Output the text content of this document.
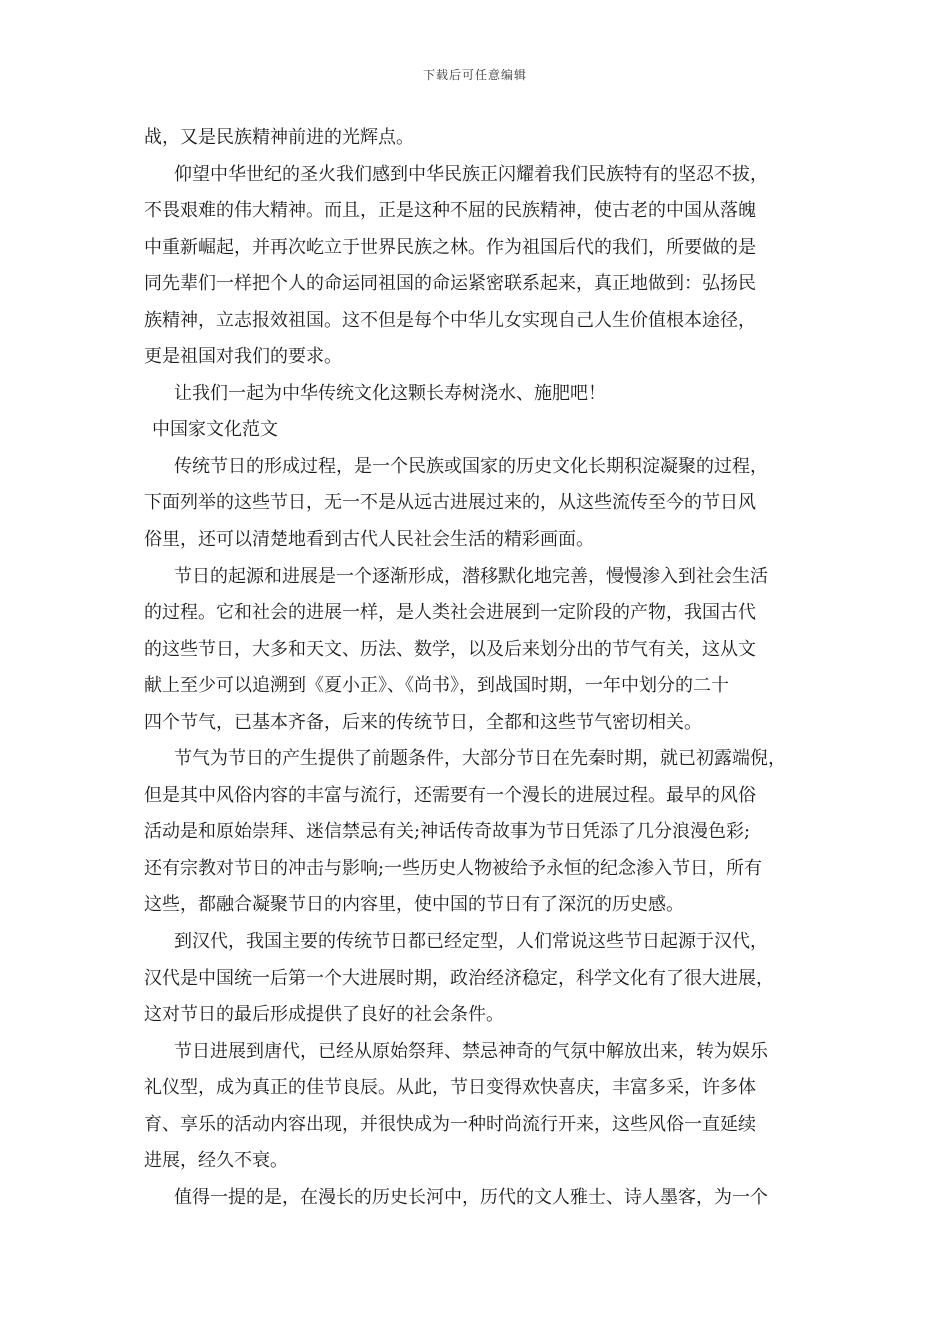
下载后可任意编辑
战，又是民族精神前进的光辉点。
仰望中华世纪的圣火我们感到中华民族正闪耀着我们民族特有的坚忍不拔，
不畏艰难的伟大精神。而且，正是这种不屈的民族精神，使古老的中国从落魄
中重新崛起，并再次屹立于世界民族之林。作为祖国后代的我们，所要做的是
同先辈们一样把个人的命运同祖国的命运紧密联系起来，真正地做到：弘扬民
族精神，立志报效祖国。这不但是每个中华儿女实现自己人生价值根本途径，
更是祖国对我们的要求。
让我们一起为中华传统文化这颗长寿树浇水、施肥吧！
中国家文化范文
传统节日的形成过程，是一个民族或国家的历史文化长期积淀凝聚的过程，
下面列举的这些节日，无一不是从远古进展过来的，从这些流传至今的节日风
俗里，还可以清楚地看到古代人民社会生活的精彩画面。
节日的起源和进展是一个逐渐形成，潜移默化地完善，慢慢渗入到社会生活
的过程。它和社会的进展一样，是人类社会进展到一定阶段的产物，我国古代
的这些节日，大多和天文、历法、数学，以及后来划分出的节气有关，这从文
献上至少可以追溯到《夏小正》、《尚书》，到战国时期，一年中划分的二十
四个节气，已基本齐备，后来的传统节日，全都和这些节气密切相关。
节气为节日的产生提供了前题条件，大部分节日在先秦时期，就已初露端倪，
但是其中风俗内容的丰富与流行，还需要有一个漫长的进展过程。最早的风俗
活动是和原始崇拜、迷信禁忌有关;神话传奇故事为节日凭添了几分浪漫色彩;
还有宗教对节日的冲击与影响;一些历史人物被给予永恒的纪念渗入节日，所有
这些，都融合凝聚节日的内容里，使中国的节日有了深沉的历史感。
到汉代，我国主要的传统节日都已经定型，人们常说这些节日起源于汉代，
汉代是中国统一后第一个大进展时期，政治经济稳定，科学文化有了很大进展，
这对节日的最后形成提供了良好的社会条件。
节日进展到唐代，已经从原始祭拜、禁忌神奇的气氛中解放出来，转为娱乐
礼仪型，成为真正的佳节良辰。从此，节日变得欢快喜庆，丰富多采，许多体
育、享乐的活动内容出现，并很快成为一种时尚流行开来，这些风俗一直延续
进展，经久不衰。
值得一提的是，在漫长的历史长河中，历代的文人雅士、诗人墨客，为一个
